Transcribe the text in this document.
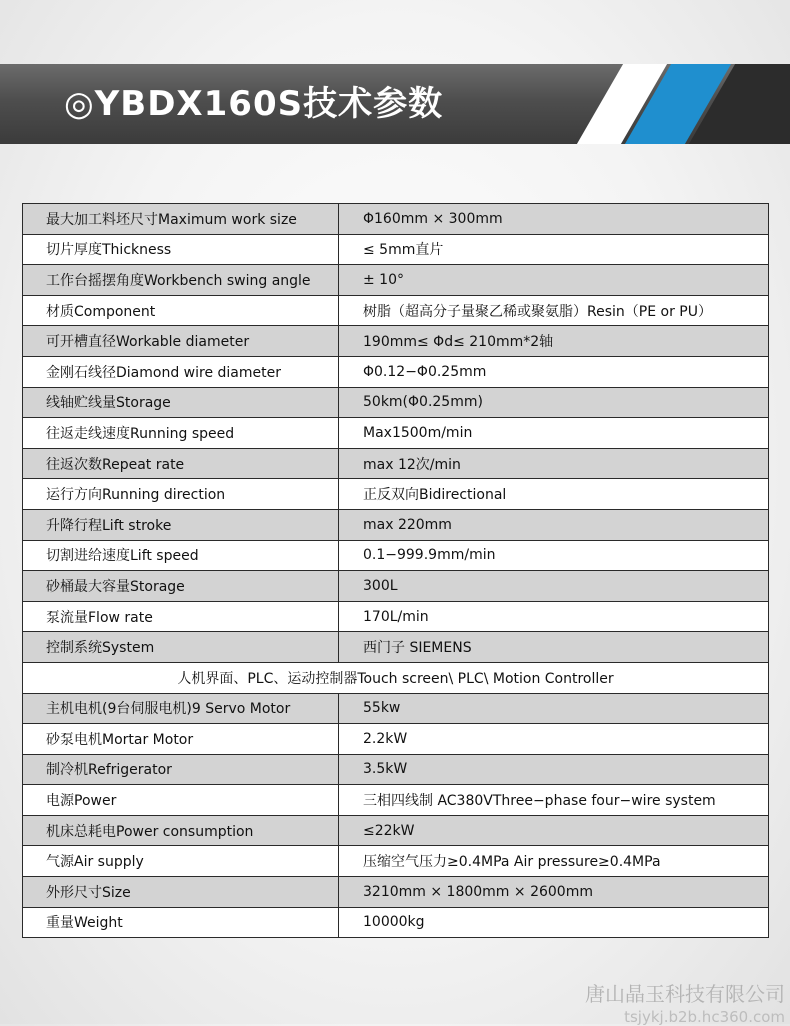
◎YBDX160S技术参数
最大加工料坯尺寸Maximum work size	Φ160mm × 300mm
切片厚度Thickness	≤ 5mm直片
工作台摇摆角度Workbench swing angle	± 10°
材质Component	树脂（超高分子量聚乙稀或聚氨脂）Resin（PE or PU）
可开槽直径Workable diameter	190mm≤ Φd≤ 210mm*2轴
金刚石线径Diamond wire diameter	Φ0.12−Φ0.25mm
线轴贮线量Storage	50km(Φ0.25mm)
往返走线速度Running speed	Max1500m/min
往返次数Repeat rate	max 12次/min
运行方向Running direction	正反双向Bidirectional
升降行程Lift stroke	max 220mm
切割进给速度Lift speed	0.1−999.9mm/min
砂桶最大容量Storage	300L
泵流量Flow rate	170L/min
控制系统System	西门子 SIEMENS
人机界面、PLC、运动控制器Touch screen\ PLC\ Motion Controller	
主机电机(9台伺服电机)9 Servo Motor	55kw
砂泵电机Mortar Motor	2.2kW
制冷机Refrigerator	3.5kW
电源Power	三相四线制 AC380VThree−phase four−wire system
机床总耗电Power consumption	≤22kW
气源Air supply	压缩空气压力≥0.4MPa Air pressure≥0.4MPa
外形尺寸Size	3210mm × 1800mm × 2600mm
重量Weight	10000kg
唐山晶玉科技有限公司
tsjykj.b2b.hc360.com
